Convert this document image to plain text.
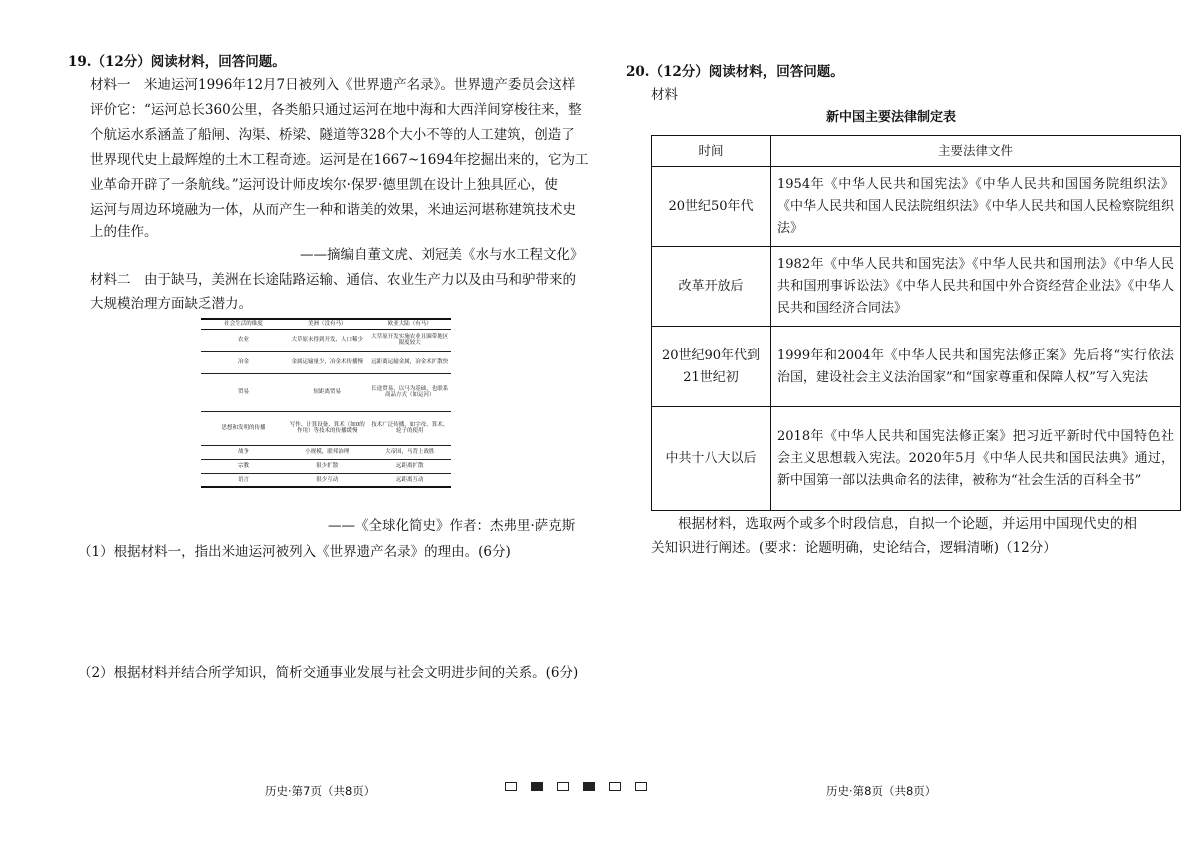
19.（12分）阅读材料，回答问题。
材料一　米迪运河1996年12月7日被列入《世界遗产名录》。世界遗产委员会这样
评价它：“运河总长360公里，各类船只通过运河在地中海和大西洋间穿梭往来，整
个航运水系涵盖了船闸、沟渠、桥梁、隧道等328个大小不等的人工建筑，创造了
世界现代史上最辉煌的土木工程奇迹。运河是在1667~1694年挖掘出来的，它为工
业革命开辟了一条航线。”运河设计师皮埃尔·保罗·德里凯在设计上独具匠心，使
运河与周边环境融为一体，从而产生一种和谐美的效果，米迪运河堪称建筑技术史
上的佳作。
——摘编自董文虎、刘冠美《水与水工程文化》
材料二　由于缺马，美洲在长途陆路运输、通信、农业生产力以及由马和驴带来的
大规模治理方面缺乏潜力。
社会生活的维度	美洲（没有马）	欧亚大陆（有马）
农业	大草原未得到开发、人口稀少	大草原开发实施农业且圈带地区限度较大
冶金	金属运输量少，冶金术传播慢	远距离运输金属，冶金术扩散快
贸易	短距离贸易	长途贸易，以马为基础，也联系商品方式（如运河）
思想和发明的传播	写作、计算设备、算术（如0的作用）等技术的传播缓慢	技术广泛传播，如字母、算术、轮子的使用
战争	小规模，联邦治理	大帝国，马背上战胜
宗教	很少扩散	远距离扩散
语言	很少互动	远距离互动
——《全球化简史》作者：杰弗里·萨克斯
（1）根据材料一，指出米迪运河被列入《世界遗产名录》的理由。(6分)
（2）根据材料并结合所学知识，简析交通事业发展与社会文明进步间的关系。(6分)
20.（12分）阅读材料，回答问题。
材料
新中国主要法律制定表
时间	主要法律文件
20世纪50年代	1954年《中华人民共和国宪法》《中华人民共和国国务院组织法》《中华人民共和国人民法院组织法》《中华人民共和国人民检察院组织法》
改革开放后	1982年《中华人民共和国宪法》《中华人民共和国刑法》《中华人民共和国刑事诉讼法》《中华人民共和国中外合资经营企业法》《中华人民共和国经济合同法》
20世纪90年代到21世纪初	1999年和2004年《中华人民共和国宪法修正案》先后将“实行依法治国，建设社会主义法治国家”和“国家尊重和保障人权”写入宪法
中共十八大以后	2018年《中华人民共和国宪法修正案》把习近平新时代中国特色社会主义思想载入宪法。2020年5月《中华人民共和国民法典》通过，新中国第一部以法典命名的法律，被称为“社会生活的百科全书”
　　根据材料，选取两个或多个时段信息，自拟一个论题，并运用中国现代史的相
关知识进行阐述。(要求：论题明确，史论结合，逻辑清晰)（12分）
历史·第7页（共8页）	历史·第8页（共8页）
